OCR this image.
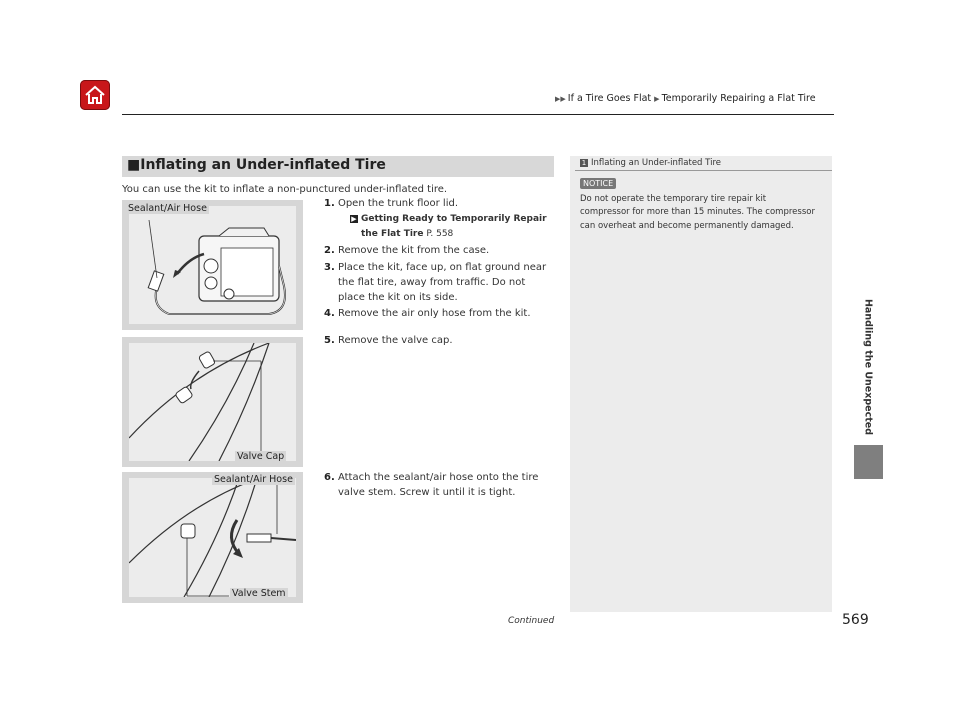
▶▶ If a Tire Goes Flat ▶ Temporarily Repairing a Flat Tire
Handling the Unexpected
■Inflating an Under-inflated Tire
You can use the kit to inflate a non-punctured under-inflated tire.
1. Open the trunk floor lid.
▶ Getting Ready to Temporarily Repair
the Flat Tire P. 558
2. Remove the kit from the case.
3. Place the kit, face up, on flat ground near
the flat tire, away from traffic. Do not
place the kit on its side.
4. Remove the air only hose from the kit.
5. Remove the valve cap.
6. Attach the sealant/air hose onto the tire
valve stem. Screw it until it is tight.
Sealant/Air Hose
Valve Cap
Sealant/Air Hose
Valve Stem
1 Inflating an Under-inflated Tire
NOTICE
Do not operate the temporary tire repair kit compressor for more than 15 minutes. The compressor can overheat and become permanently damaged.
Continued	569
